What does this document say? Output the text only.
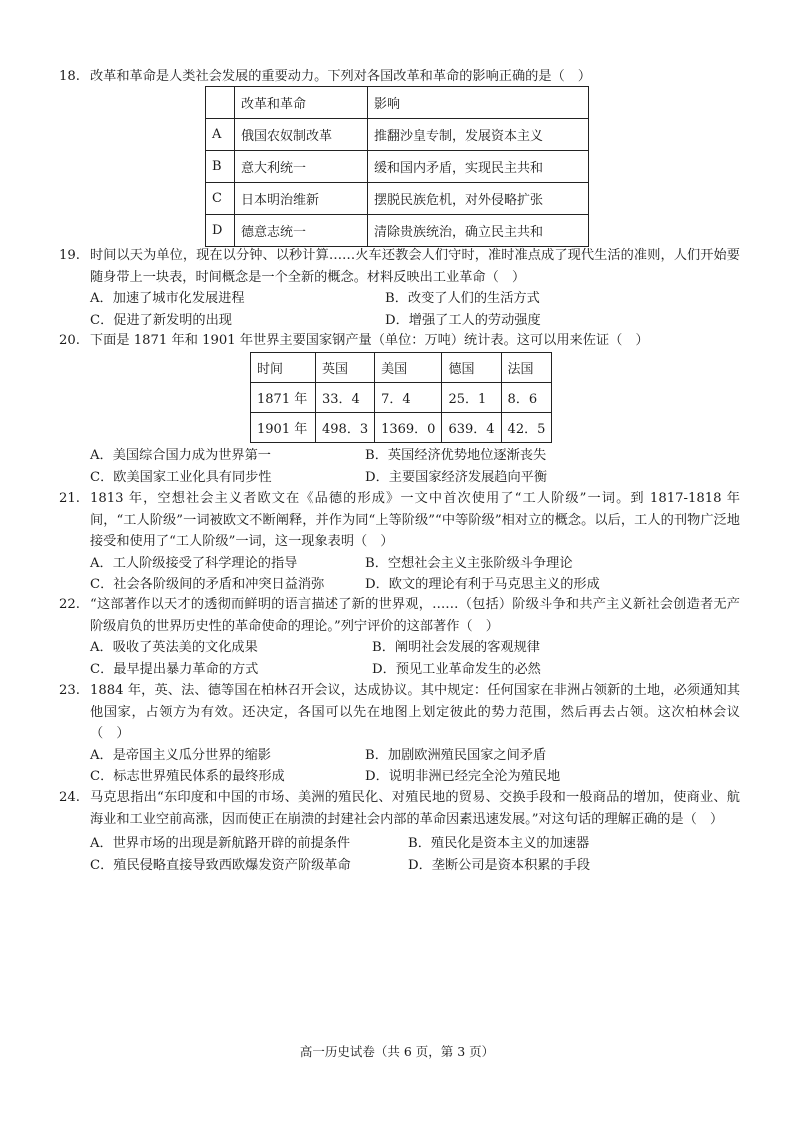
18. 改革和革命是人类社会发展的重要动力。下列对各国改革和革命的影响正确的是（　）
	改革和革命	影响
A	俄国农奴制改革	推翻沙皇专制，发展资本主义
B	意大利统一	缓和国内矛盾，实现民主共和
C	日本明治维新	摆脱民族危机，对外侵略扩张
D	德意志统一	清除贵族统治，确立民主共和
19. 时间以天为单位，现在以分钟、以秒计算……火车还教会人们守时，准时准点成了现代生活的准则，人们开始要随身带上一块表，时间概念是一个全新的概念。材料反映出工业革命（　）
A．加速了城市化发展进程	B．改变了人们的生活方式
C．促进了新发明的出现	D．增强了工人的劳动强度
20. 下面是 1871 年和 1901 年世界主要国家钢产量（单位：万吨）统计表。这可以用来佐证（　）
时间	英国	美国	德国	法国
1871 年	33．4	7．4	25．1	8．6
1901 年	498．3	1369．0	639．4	42．5
A．美国综合国力成为世界第一	B．英国经济优势地位逐渐丧失
C．欧美国家工业化具有同步性	D．主要国家经济发展趋向平衡
21. 1813 年，空想社会主义者欧文在《品德的形成》一文中首次使用了“工人阶级”一词。到 1817-1818 年间，“工人阶级”一词被欧文不断阐释，并作为同“上等阶级”“中等阶级”相对立的概念。以后，工人的刊物广泛地接受和使用了“工人阶级”一词，这一现象表明（　）
A．工人阶级接受了科学理论的指导	B．空想社会主义主张阶级斗争理论
C．社会各阶级间的矛盾和冲突日益消弥	D．欧文的理论有利于马克思主义的形成
22. “这部著作以天才的透彻而鲜明的语言描述了新的世界观，……（包括）阶级斗争和共产主义新社会创造者无产阶级肩负的世界历史性的革命使命的理论。”列宁评价的这部著作（　）
A．吸收了英法美的文化成果	B．阐明社会发展的客观规律
C．最早提出暴力革命的方式	D．预见工业革命发生的必然
23. 1884 年，英、法、德等国在柏林召开会议，达成协议。其中规定：任何国家在非洲占领新的土地，必须通知其他国家，占领方为有效。还决定，各国可以先在地图上划定彼此的势力范围，然后再去占领。这次柏林会议（　）
A．是帝国主义瓜分世界的缩影	B．加剧欧洲殖民国家之间矛盾
C．标志世界殖民体系的最终形成	D．说明非洲已经完全沦为殖民地
24. 马克思指出“东印度和中国的市场、美洲的殖民化、对殖民地的贸易、交换手段和一般商品的增加，使商业、航海业和工业空前高涨，因而使正在崩溃的封建社会内部的革命因素迅速发展。”对这句话的理解正确的是（　）
A．世界市场的出现是新航路开辟的前提条件	B．殖民化是资本主义的加速器
C．殖民侵略直接导致西欧爆发资产阶级革命	D．垄断公司是资本积累的手段
高一历史试卷（共 6 页，第 3 页）
